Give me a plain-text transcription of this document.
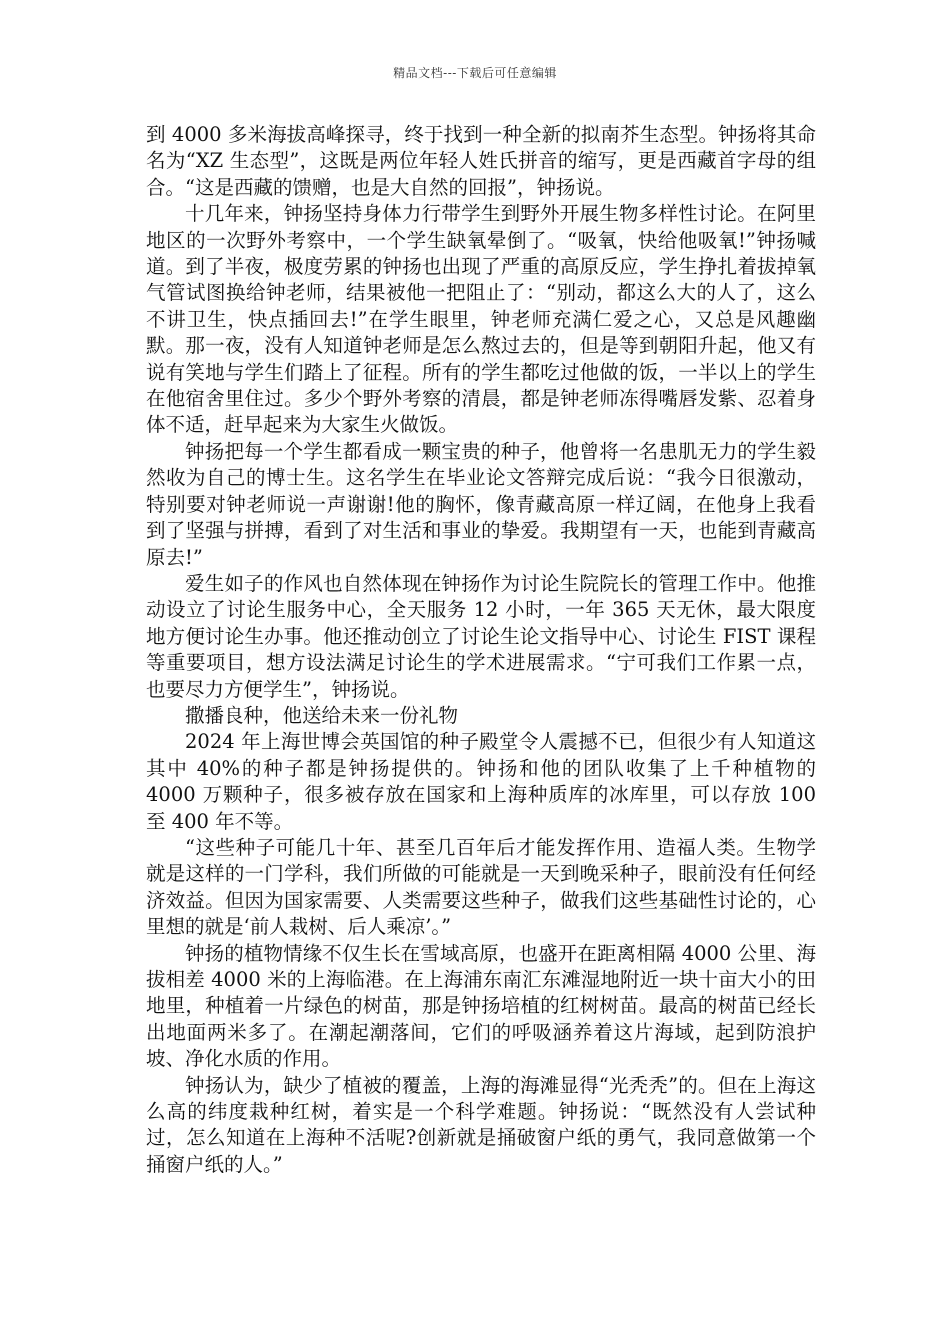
精品文档---下载后可任意编辑

到 4000 多米海拔高峰探寻，终于找到一种全新的拟南芥生态型。钟扬将其命名为“XZ 生态型”，这既是两位年轻人姓氏拼音的缩写，更是西藏首字母的组合。“这是西藏的馈赠，也是大自然的回报”，钟扬说。

十几年来，钟扬坚持身体力行带学生到野外开展生物多样性讨论。在阿里地区的一次野外考察中，一个学生缺氧晕倒了。“吸氧，快给他吸氧!”钟扬喊道。到了半夜，极度劳累的钟扬也出现了严重的高原反应，学生挣扎着拔掉氧气管试图换给钟老师，结果被他一把阻止了：“别动，都这么大的人了，这么不讲卫生，快点插回去!”在学生眼里，钟老师充满仁爱之心，又总是风趣幽默。那一夜，没有人知道钟老师是怎么熬过去的，但是等到朝阳升起，他又有说有笑地与学生们踏上了征程。所有的学生都吃过他做的饭，一半以上的学生在他宿舍里住过。多少个野外考察的清晨，都是钟老师冻得嘴唇发紫、忍着身体不适，赶早起来为大家生火做饭。

钟扬把每一个学生都看成一颗宝贵的种子，他曾将一名患肌无力的学生毅然收为自己的博士生。这名学生在毕业论文答辩完成后说：“我今日很激动，特别要对钟老师说一声谢谢!他的胸怀，像青藏高原一样辽阔，在他身上我看到了坚强与拼搏，看到了对生活和事业的挚爱。我期望有一天，也能到青藏高原去!”

爱生如子的作风也自然体现在钟扬作为讨论生院院长的管理工作中。他推动设立了讨论生服务中心，全天服务 12 小时，一年 365 天无休，最大限度地方便讨论生办事。他还推动创立了讨论生论文指导中心、讨论生 FIST 课程等重要项目，想方设法满足讨论生的学术进展需求。“宁可我们工作累一点，也要尽力方便学生”，钟扬说。

撒播良种，他送给未来一份礼物

2024 年上海世博会英国馆的种子殿堂令人震撼不已，但很少有人知道这其中 40%的种子都是钟扬提供的。钟扬和他的团队收集了上千种植物的 4000 万颗种子，很多被存放在国家和上海种质库的冰库里，可以存放 100 至 400 年不等。

“这些种子可能几十年、甚至几百年后才能发挥作用、造福人类。生物学就是这样的一门学科，我们所做的可能就是一天到晚采种子，眼前没有任何经济效益。但因为国家需要、人类需要这些种子，做我们这些基础性讨论的，心里想的就是‘前人栽树、后人乘凉’。”

钟扬的植物情缘不仅生长在雪域高原，也盛开在距离相隔 4000 公里、海拔相差 4000 米的上海临港。在上海浦东南汇东滩湿地附近一块十亩大小的田地里，种植着一片绿色的树苗，那是钟扬培植的红树树苗。最高的树苗已经长出地面两米多了。在潮起潮落间，它们的呼吸涵养着这片海域，起到防浪护坡、净化水质的作用。

钟扬认为，缺少了植被的覆盖，上海的海滩显得“光秃秃”的。但在上海这么高的纬度栽种红树，着实是一个科学难题。钟扬说：“既然没有人尝试种过，怎么知道在上海种不活呢?创新就是捅破窗户纸的勇气，我同意做第一个捅窗户纸的人。”
